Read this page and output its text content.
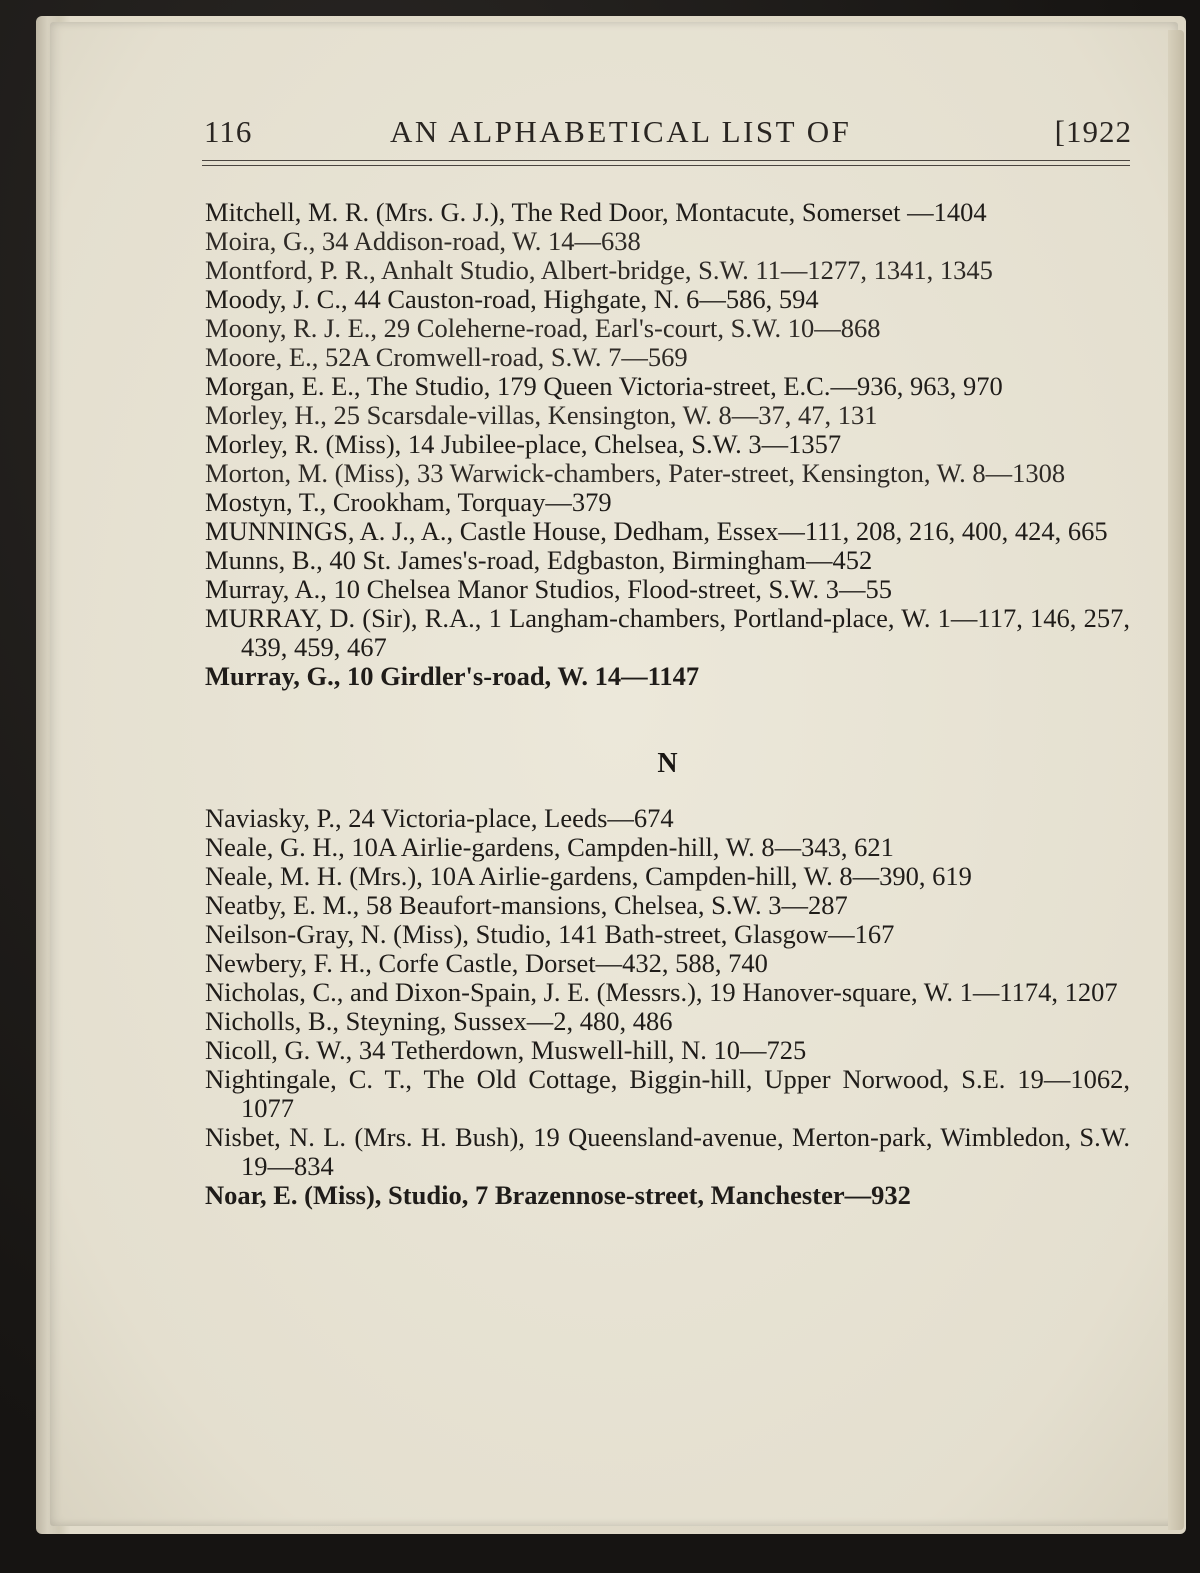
116	AN ALPHABETICAL LIST OF	[1922

Mitchell, M. R. (Mrs. G. J.), The Red Door, Montacute, Somerset —1404

Moira, G., 34 Addison-road, W. 14—638

Montford, P. R., Anhalt Studio, Albert-bridge, S.W. 11—1277, 1341, 1345

Moody, J. C., 44 Causton-road, Highgate, N. 6—586, 594

Moony, R. J. E., 29 Coleherne-road, Earl's-court, S.W. 10—868

Moore, E., 52A Cromwell-road, S.W. 7—569

Morgan, E. E., The Studio, 179 Queen Victoria-street, E.C.—936, 963, 970

Morley, H., 25 Scarsdale-villas, Kensington, W. 8—37, 47, 131

Morley, R. (Miss), 14 Jubilee-place, Chelsea, S.W. 3—1357

Morton, M. (Miss), 33 Warwick-chambers, Pater-street, Kensington, W. 8—1308

Mostyn, T., Crookham, Torquay—379

MUNNINGS, A. J., A., Castle House, Dedham, Essex—111, 208, 216, 400, 424, 665

Munns, B., 40 St. James's-road, Edgbaston, Birmingham—452

Murray, A., 10 Chelsea Manor Studios, Flood-street, S.W. 3—55

MURRAY, D. (Sir), R.A., 1 Langham-chambers, Portland-place, W. 1—117, 146, 257, 439, 459, 467

Murray, G., 10 Girdler's-road, W. 14—1147

N

Naviasky, P., 24 Victoria-place, Leeds—674

Neale, G. H., 10A Airlie-gardens, Campden-hill, W. 8—343, 621

Neale, M. H. (Mrs.), 10A Airlie-gardens, Campden-hill, W. 8—390, 619

Neatby, E. M., 58 Beaufort-mansions, Chelsea, S.W. 3—287

Neilson-Gray, N. (Miss), Studio, 141 Bath-street, Glasgow—167

Newbery, F. H., Corfe Castle, Dorset—432, 588, 740

Nicholas, C., and Dixon-Spain, J. E. (Messrs.), 19 Hanover-square, W. 1—1174, 1207

Nicholls, B., Steyning, Sussex—2, 480, 486

Nicoll, G. W., 34 Tetherdown, Muswell-hill, N. 10—725

Nightingale, C. T., The Old Cottage, Biggin-hill, Upper Norwood, S.E. 19—1062, 1077

Nisbet, N. L. (Mrs. H. Bush), 19 Queensland-avenue, Merton-park, Wimbledon, S.W. 19—834

Noar, E. (Miss), Studio, 7 Brazennose-street, Manchester—932
